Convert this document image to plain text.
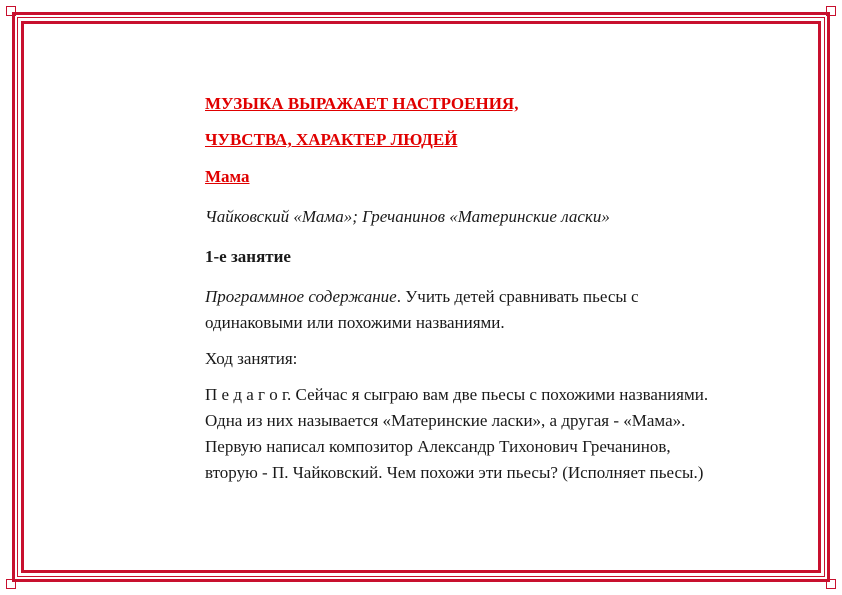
МУЗЫКА ВЫРАЖАЕТ НАСТРОЕНИЯ,
ЧУВСТВА, ХАРАКТЕР ЛЮДЕЙ

Мама

Чайковский «Мама»; Гречанинов «Материнские ласки»

1-е занятие

Программное содержание. Учить детей сравнивать пьесы с одинаковыми или похожими названиями.

Ход занятия:

П е д а г о г. Сейчас я сыграю вам две пьесы с похожими названиями. Одна из них называется «Материнские ласки», а другая - «Мама». Первую написал композитор Александр Тихонович Гречанинов, вторую - П. Чайковский. Чем похожи эти пьесы? (Исполняет пьесы.)
